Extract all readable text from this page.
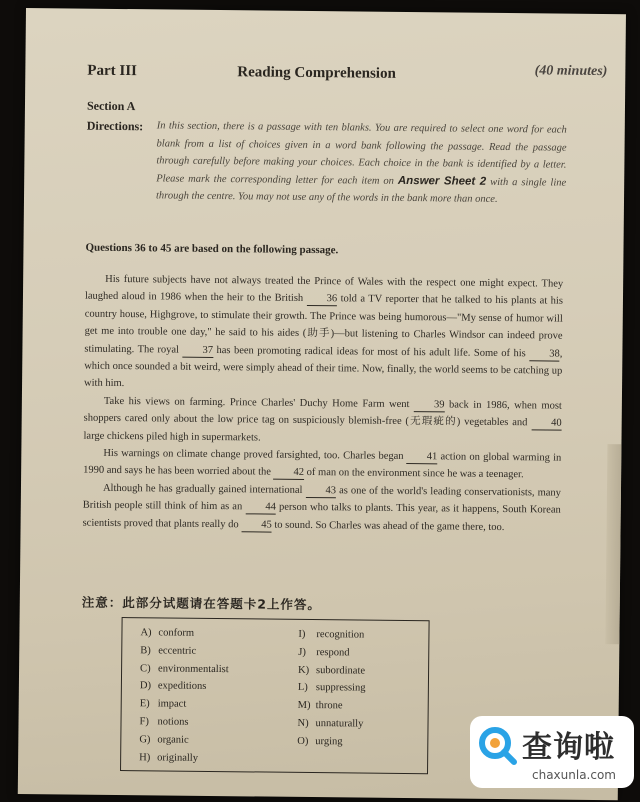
Part III	Reading Comprehension	(40 minutes)
Section A
Directions: In this section, there is a passage with ten blanks. You are required to select one word for each blank from a list of choices given in a word bank following the passage. Read the passage through carefully before making your choices. Each choice in the bank is identified by a letter. Please mark the corresponding letter for each item on Answer Sheet 2 with a single line through the centre. You may not use any of the words in the bank more than once.
Questions 36 to 45 are based on the following passage.

His future subjects have not always treated the Prince of Wales with the respect one might expect. They laughed aloud in 1986 when the heir to the British 36 told a TV reporter that he talked to his plants at his country house, Highgrove, to stimulate their growth. The Prince was being humorous—"My sense of humor will get me into trouble one day," he said to his aides (助手)—but listening to Charles Windsor can indeed prove stimulating. The royal 37 has been promoting radical ideas for most of his adult life. Some of his 38, which once sounded a bit weird, were simply ahead of their time. Now, finally, the world seems to be catching up with him.

Take his views on farming. Prince Charles' Duchy Home Farm went 39 back in 1986, when most shoppers cared only about the low price tag on suspiciously blemish-free (无瑕疵的) vegetables and 40 large chickens piled high in supermarkets.

His warnings on climate change proved farsighted, too. Charles began 41 action on global warming in 1990 and says he has been worried about the 42 of man on the environment since he was a teenager.

Although he has gradually gained international 43 as one of the world's leading conservationists, many British people still think of him as an 44 person who talks to plants. This year, as it happens, South Korean scientists proved that plants really do 45 to sound. So Charles was ahead of the game there, too.

注意：此部分试题请在答题卡2上作答。
A) conform
B) eccentric
C) environmentalist
D) expeditions
E) impact
F) notions
G) organic
H) originally
I) recognition
J) respond
K) subordinate
L) suppressing
M) throne
N) unnaturally
O) urging	查询啦
chaxunla.com
